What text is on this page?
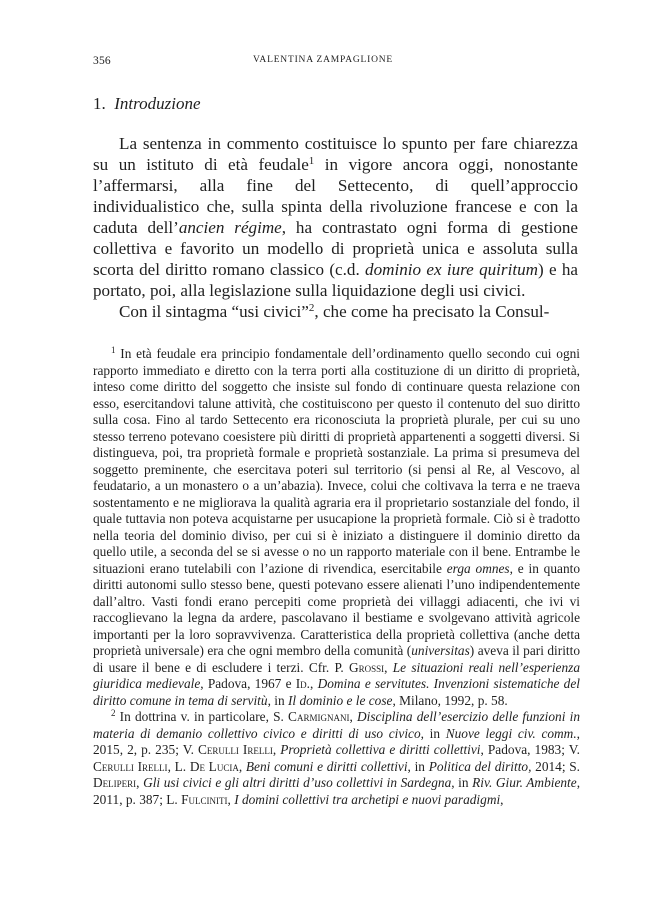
356	VALENTINA ZAMPAGLIONE
1. Introduzione

La sentenza in commento costituisce lo spunto per fare chiarezza su un istituto di età feudale$^1$ in vigore ancora oggi, nonostante l’affermarsi, alla fine del Settecento, di quell’approccio individualistico che, sulla spinta della rivoluzione francese e con la caduta dell’ancien régime, ha contrastato ogni forma di gestione collettiva e favorito un modello di proprietà unica e assoluta sulla scorta del diritto romano classico (c.d. dominio ex iure quiritum) e ha portato, poi, alla legislazione sulla liquidazione degli usi civici.

Con il sintagma “usi civici”$^2$, che come ha precisato la Consul-

$^1$ In età feudale era principio fondamentale dell’ordinamento quello secondo cui ogni rapporto immediato e diretto con la terra porti alla costituzione di un diritto di proprietà, inteso come diritto del soggetto che insiste sul fondo di continuare questa relazione con esso, esercitandovi talune attività, che costituiscono per questo il contenuto del suo diritto sulla cosa. Fino al tardo Settecento era riconosciuta la proprietà plurale, per cui su uno stesso terreno potevano coesistere più diritti di proprietà appartenenti a soggetti diversi. Si distingueva, poi, tra proprietà formale e proprietà sostanziale. La prima si presumeva del soggetto preminente, che esercitava poteri sul territorio (si pensi al Re, al Vescovo, al feudatario, a un monastero o a un’abazia). Invece, colui che coltivava la terra e ne traeva sostentamento e ne migliorava la qualità agraria era il proprietario sostanziale del fondo, il quale tuttavia non poteva acquistarne per usucapione la proprietà formale. Ciò si è tradotto nella teoria del dominio diviso, per cui si è iniziato a distinguere il dominio diretto da quello utile, a seconda del se si avesse o no un rapporto materiale con il bene. Entrambe le situazioni erano tutelabili con l’azione di rivendica, esercitabile erga omnes, e in quanto diritti autonomi sullo stesso bene, questi potevano essere alienati l’uno indipendentemente dall’altro. Vasti fondi erano percepiti come proprietà dei villaggi adiacenti, che ivi vi raccoglievano la legna da ardere, pascolavano il bestiame e svolgevano attività agricole importanti per la loro sopravvivenza. Caratteristica della proprietà collettiva (anche detta proprietà universale) era che ogni membro della comunità (universitas) aveva il pari diritto di usare il bene e di escludere i terzi. Cfr. P. Grossi, Le situazioni reali nell’esperienza giuridica medievale, Padova, 1967 e Id., Domina e servitutes. Invenzioni sistematiche del diritto comune in tema di servitù, in Il dominio e le cose, Milano, 1992, p. 58.

$^2$ In dottrina v. in particolare, S. Carmignani, Disciplina dell’esercizio delle funzioni in materia di demanio collettivo civico e diritti di uso civico, in Nuove leggi civ. comm., 2015, 2, p. 235; V. Cerulli Irelli, Proprietà collettiva e diritti collettivi, Padova, 1983; V. Cerulli Irelli, L. De Lucia, Beni comuni e diritti collettivi, in Politica del diritto, 2014; S. Deliperi, Gli usi civici e gli altri diritti d’uso collettivi in Sardegna, in Riv. Giur. Ambiente, 2011, p. 387; L. Fulciniti, I domini collettivi tra archetipi e nuovi paradigmi,
